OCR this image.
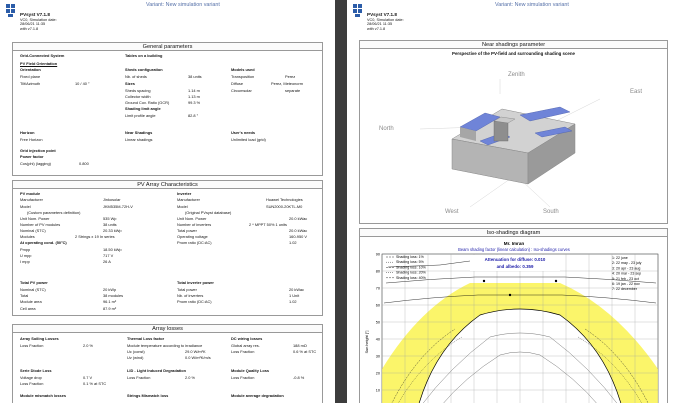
PVsyst V7.1.8
VC0, Simulation date:
28/06/21 11:35
with v7.1.8
Variant: New simulation variant
General parameters
Grid-Connected System	Tables on a building
PV Field Orientation
Orientation
Fixed plane
Tilt/Azimuth	10 / 40 °
Sheds configuration
Nb. of sheds	38 units
Sizes
Sheds spacing	1.14 m
Collector width	1.13 m
Ground Cov. Ratio (GCR)	99.3 %
Shading limit angle
Limit profile angle	82.8 °
Models used
Transposition	Perez
Diffuse	Perez, Meteonorm
Circumsolar	separate
Horizon
Free Horizon
Near Shadings
Linear shadings
User's needs
Unlimited load (grid)
Grid injection point
Power factor
Cos(phi) (lagging)	0.800
PV Array Characteristics
PV module
Manufacturer	Jinkosolar
Model	JKM535M-72H-V
(Custom parameters definition)
Unit Nom. Power	535 Wp
Number of PV modules	38 units
Nominal (STC)	20.33 kWp
Modules	2 Strings x 19 In series
At operating cond. (50°C)
Pmpp	18.50 kWp
U mpp	717 V
I mpp	26 A
Inverter
Manufacturer	Huawei Technologies
Model	SUN2000-20KTL-M0
(Original PVsyst database)
Unit Nom. Power	20.0 kWac
Number of inverters	2 * MPPT 50% 1 units
Total power	20.0 kWac
Operating voltage	160-950 V
Pnom ratio (DC:AC)	1.02
Total PV power
Nominal (STC)	20 kWp
Total	38 modules
Module area	96.1 m²
Cell area	87.9 m²
Total inverter power
Total power	20 kWac
Nb. of inverters	1 Unit
Pnom ratio (DC:AC)	1.02
Array losses
Array Soiling Losses
Loss Fraction	2.0 %
Thermal Loss factor
Module temperature according to irradiance
Uc (const)	29.0 W/m²K
Uv (wind)	0.0 W/m²K/m/s
DC wiring losses
Global array res.	188 mΩ
Loss Fraction	0.6 % at STC
Serie Diode Loss
Voltage drop	0.7 V
Loss Fraction	0.1 % at STC
LID - Light Induced Degradation
Loss Fraction	2.0 %
Module Quality Loss
Loss Fraction	-0.8 %
Module mismatch losses	Strings Mismatch loss	Module average degradation
PVsyst V7.1.8
VC0, Simulation date:
28/06/21 11:35
with v7.1.8
Variant: New simulation variant
Near shadings parameter
Perspective of the PV-field and surrounding shading scene
Zenith
East
North
West	South
Iso-shadings diagram
Mr. Imran
Beam shading factor (linear calculation) : Iso-shadings curves
Attenuation for diffuse: 0.010
and albedo: 0.359
Shading loss: 1%
Shading loss: 5%
Shading loss: 10%
Shading loss: 20%
Shading loss: 40%
1: 22 june
2: 22 may - 23 july
3: 20 apr - 23 aug
4: 20 mar - 23 sep
5: 21 feb - 23 oct
6: 19 jan - 22 nov
7: 22 december
90
80
70
60
50
40
30
20
10
Sun height [°]
